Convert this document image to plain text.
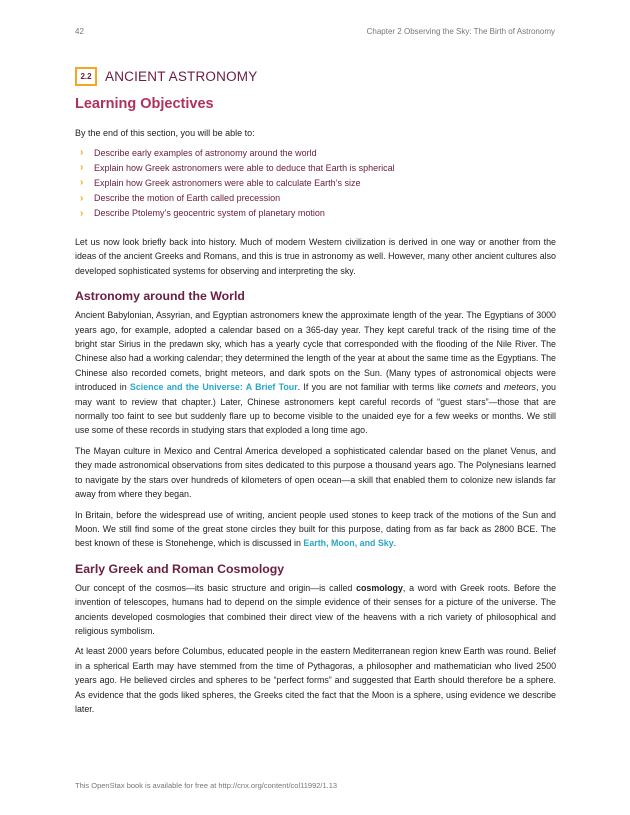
42	Chapter 2 Observing the Sky: The Birth of Astronomy
2.2 ANCIENT ASTRONOMY
Learning Objectives
By the end of this section, you will be able to:
›	Describe early examples of astronomy around the world
›	Explain how Greek astronomers were able to deduce that Earth is spherical
›	Explain how Greek astronomers were able to calculate Earth’s size
›	Describe the motion of Earth called precession
›	Describe Ptolemy’s geocentric system of planetary motion

Let us now look briefly back into history. Much of modern Western civilization is derived in one way or another from the ideas of the ancient Greeks and Romans, and this is true in astronomy as well. However, many other ancient cultures also developed sophisticated systems for observing and interpreting the sky.

Astronomy around the World

Ancient Babylonian, Assyrian, and Egyptian astronomers knew the approximate length of the year. The Egyptians of 3000 years ago, for example, adopted a calendar based on a 365-day year. They kept careful track of the rising time of the bright star Sirius in the predawn sky, which has a yearly cycle that corresponded with the flooding of the Nile River. The Chinese also had a working calendar; they determined the length of the year at about the same time as the Egyptians. The Chinese also recorded comets, bright meteors, and dark spots on the Sun. (Many types of astronomical objects were introduced in Science and the Universe: A Brief Tour. If you are not familiar with terms like comets and meteors, you may want to review that chapter.) Later, Chinese astronomers kept careful records of “guest stars”—those that are normally too faint to see but suddenly flare up to become visible to the unaided eye for a few weeks or months. We still use some of these records in studying stars that exploded a long time ago.

The Mayan culture in Mexico and Central America developed a sophisticated calendar based on the planet Venus, and they made astronomical observations from sites dedicated to this purpose a thousand years ago. The Polynesians learned to navigate by the stars over hundreds of kilometers of open ocean—a skill that enabled them to colonize new islands far away from where they began.

In Britain, before the widespread use of writing, ancient people used stones to keep track of the motions of the Sun and Moon. We still find some of the great stone circles they built for this purpose, dating from as far back as 2800 BCE. The best known of these is Stonehenge, which is discussed in Earth, Moon, and Sky.

Early Greek and Roman Cosmology

Our concept of the cosmos—its basic structure and origin—is called cosmology, a word with Greek roots. Before the invention of telescopes, humans had to depend on the simple evidence of their senses for a picture of the universe. The ancients developed cosmologies that combined their direct view of the heavens with a rich variety of philosophical and religious symbolism.

At least 2000 years before Columbus, educated people in the eastern Mediterranean region knew Earth was round. Belief in a spherical Earth may have stemmed from the time of Pythagoras, a philosopher and mathematician who lived 2500 years ago. He believed circles and spheres to be “perfect forms” and suggested that Earth should therefore be a sphere. As evidence that the gods liked spheres, the Greeks cited the fact that the Moon is a sphere, using evidence we describe later.

This OpenStax book is available for free at http://cnx.org/content/col11992/1.13
